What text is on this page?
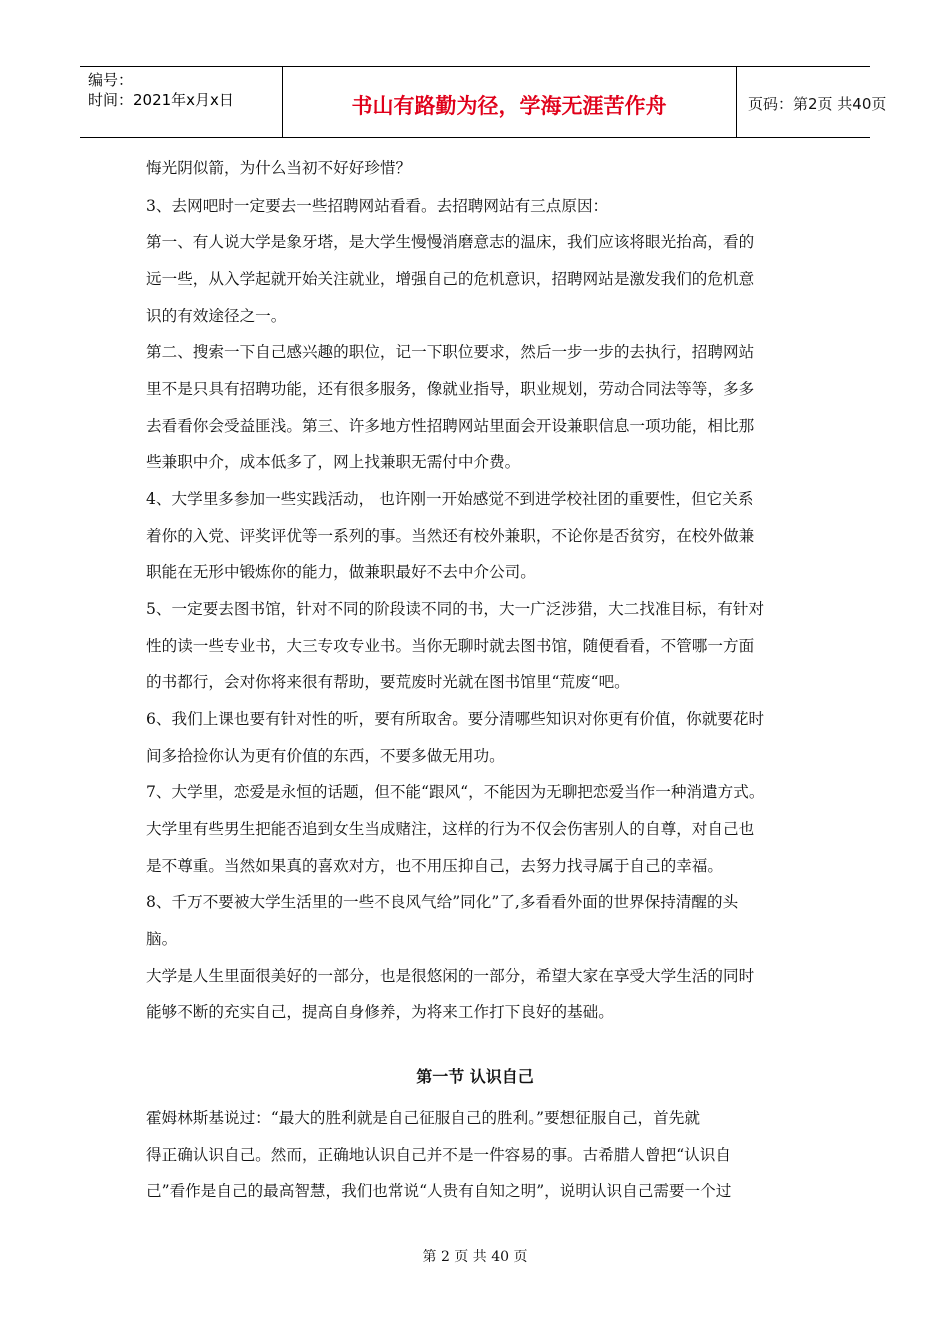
编号：
时间：2021年x月x日	书山有路勤为径，学海无涯苦作舟	页码：第2页 共40页
悔光阴似箭，为什么当初不好好珍惜？
3、去网吧时一定要去一些招聘网站看看。去招聘网站有三点原因：
第一、有人说大学是象牙塔，是大学生慢慢消磨意志的温床，我们应该将眼光抬高，看的
远一些，从入学起就开始关注就业，增强自己的危机意识，招聘网站是激发我们的危机意
识的有效途径之一。
第二、搜索一下自己感兴趣的职位，记一下职位要求，然后一步一步的去执行，招聘网站
里不是只具有招聘功能，还有很多服务，像就业指导，职业规划，劳动合同法等等，多多
去看看你会受益匪浅。第三、许多地方性招聘网站里面会开设兼职信息一项功能，相比那
些兼职中介，成本低多了，网上找兼职无需付中介费。
4、大学里多参加一些实践活动， 也许刚一开始感觉不到进学校社团的重要性，但它关系
着你的入党、评奖评优等一系列的事。当然还有校外兼职，不论你是否贫穷，在校外做兼
职能在无形中锻炼你的能力，做兼职最好不去中介公司。
5、一定要去图书馆，针对不同的阶段读不同的书，大一广泛涉猎，大二找准目标，有针对
性的读一些专业书，大三专攻专业书。当你无聊时就去图书馆，随便看看，不管哪一方面
的书都行，会对你将来很有帮助，要荒废时光就在图书馆里“荒废“吧。
6、我们上课也要有针对性的听，要有所取舍。要分清哪些知识对你更有价值，你就要花时
间多拾捡你认为更有价值的东西，不要多做无用功。
7、大学里，恋爱是永恒的话题，但不能“跟风“，不能因为无聊把恋爱当作一种消遣方式。
大学里有些男生把能否追到女生当成赌注，这样的行为不仅会伤害别人的自尊，对自己也
是不尊重。当然如果真的喜欢对方，也不用压抑自己，去努力找寻属于自己的幸福。
8、千万不要被大学生活里的一些不良风气给”同化”了,多看看外面的世界保持清醒的头
脑。
大学是人生里面很美好的一部分，也是很悠闲的一部分，希望大家在享受大学生活的同时
能够不断的充实自己，提高自身修养，为将来工作打下良好的基础。
第一节 认识自己
霍姆林斯基说过：“最大的胜利就是自己征服自己的胜利。”要想征服自己，首先就
得正确认识自己。然而，正确地认识自己并不是一件容易的事。古希腊人曾把“认识自
己”看作是自己的最高智慧，我们也常说“人贵有自知之明”，说明认识自己需要一个过
第 2 页 共 40 页
